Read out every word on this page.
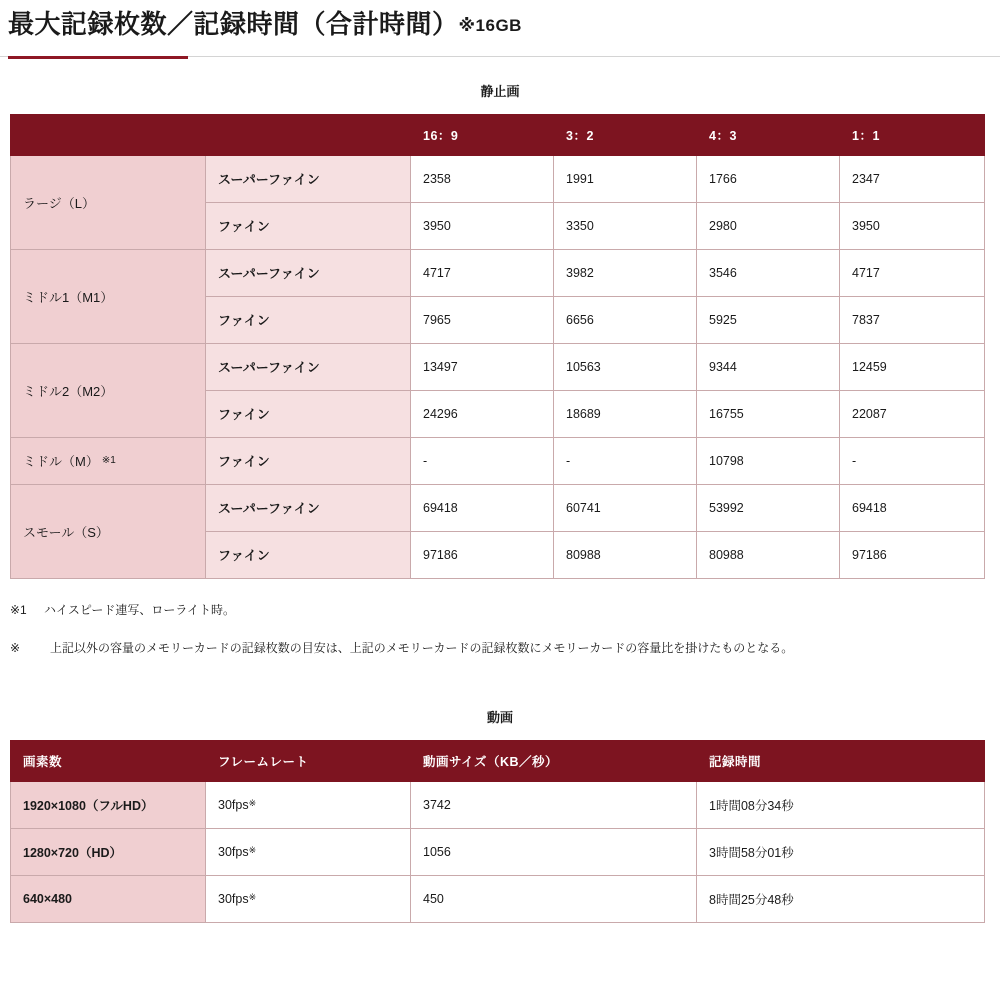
最大記録枚数／記録時間（合計時間）※16GB
静止画
		16：9	3：2	4：3	1：1
ラージ（L）	スーパーファイン	2358	1991	1766	2347
	ファイン	3950	3350	2980	3950
ミドル1（M1）	スーパーファイン	4717	3982	3546	4717
	ファイン	7965	6656	5925	7837
ミドル2（M2）	スーパーファイン	13497	10563	9344	12459
	ファイン	24296	18689	16755	22087
ミドル（M） $^{※1}$	ファイン	-	-	10798	-
スモール（S）	スーパーファイン	69418	60741	53992	69418
	ファイン	97186	80988	80988	97186
※1 ハイスピード連写、ローライト時。
※ 上記以外の容量のメモリーカードの記録枚数の目安は、上記のメモリーカードの記録枚数にメモリーカードの容量比を掛けたものとなる。
動画
画素数	フレームレート	動画サイズ（KB／秒）	記録時間
1920×1080（フルHD）	30fps※	3742	1時間08分34秒
1280×720（HD）	30fps※	1056	3時間58分01秒
640×480	30fps※	450	8時間25分48秒
